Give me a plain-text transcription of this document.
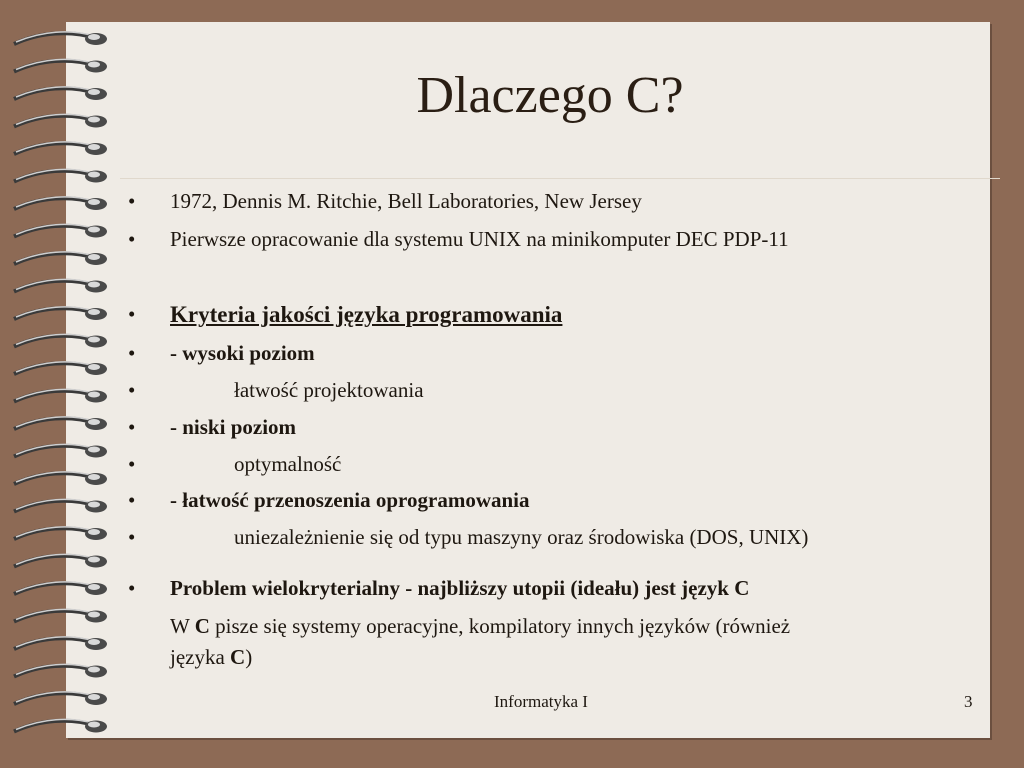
Dlaczego C?
• 1972, Dennis M. Ritchie, Bell Laboratories, New Jersey
• Pierwsze opracowanie dla systemu UNIX na minikomputer DEC PDP-11
• Kryteria jakości języka programowania
• - wysoki poziom
•	łatwość projektowania
• - niski poziom
•	optymalność
• - łatwość przenoszenia oprogramowania
•	uniezależnienie się od typu maszyny oraz środowiska (DOS, UNIX)
• Problem wielokryterialny - najbliższy utopii (ideału) jest język C
W C pisze się systemy operacyjne, kompilatory innych języków (również
języka C)
Informatyka I	3
